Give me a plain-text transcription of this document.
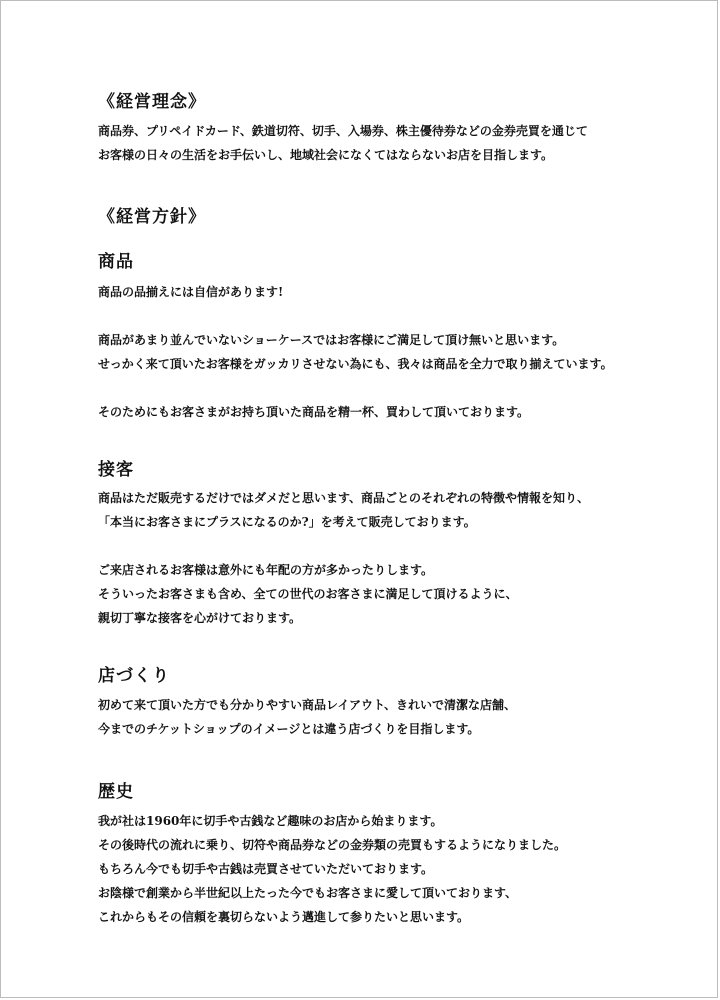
《経営理念》
商品券、プリペイドカード、鉄道切符、切手、入場券、株主優待券などの金券売買を通じて
お客様の日々の生活をお手伝いし、地域社会になくてはならないお店を目指します。
《経営方針》
商品
商品の品揃えには自信があります!

商品があまり並んでいないショーケースではお客様にご満足して頂け無いと思います。
せっかく来て頂いたお客様をガッカリさせない為にも、我々は商品を全力で取り揃えています。

そのためにもお客さまがお持ち頂いた商品を精一杯、買わして頂いております。
接客
商品はただ販売するだけではダメだと思います、商品ごとのそれぞれの特徴や情報を知り、
「本当にお客さまにプラスになるのか?」を考えて販売しております。

ご来店されるお客様は意外にも年配の方が多かったりします。
そういったお客さまも含め、全ての世代のお客さまに満足して頂けるように、
親切丁寧な接客を心がけております。
店づくり
初めて来て頂いた方でも分かりやすい商品レイアウト、きれいで清潔な店舗、
今までのチケットショップのイメージとは違う店づくりを目指します。
歴史
我が社は1960年に切手や古銭など趣味のお店から始まります。
その後時代の流れに乗り、切符や商品券などの金券類の売買もするようになりました。
もちろん今でも切手や古銭は売買させていただいております。
お陰様で創業から半世紀以上たった今でもお客さまに愛して頂いております、
これからもその信頼を裏切らないよう邁進して参りたいと思います。
